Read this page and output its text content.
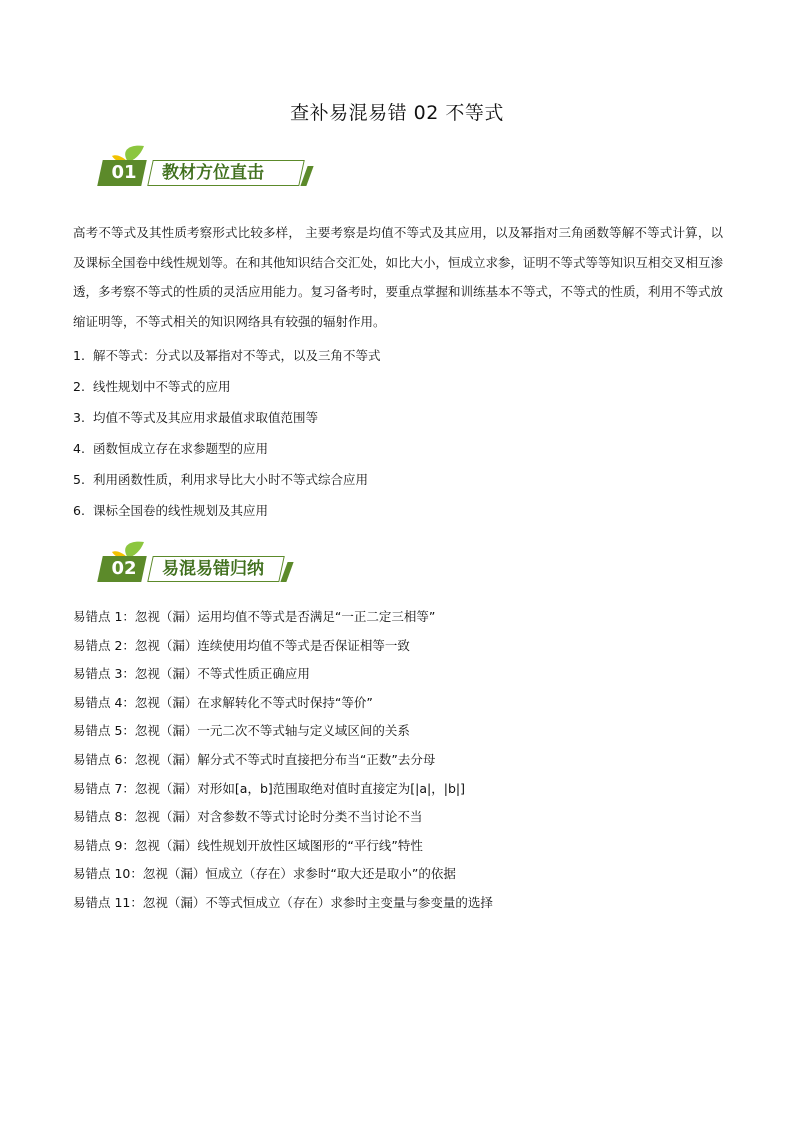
查补易混易错 02 不等式
01	教材方位直击
高考不等式及其性质考察形式比较多样， 主要考察是均值不等式及其应用，以及幂指对三角函数等解不等式计算，以及课标全国卷中线性规划等。在和其他知识结合交汇处，如比大小，恒成立求参，证明不等式等等知识互相交叉相互渗透，多考察不等式的性质的灵活应用能力。复习备考时，要重点掌握和训练基本不等式，不等式的性质，利用不等式放缩证明等，不等式相关的知识网络具有较强的辐射作用。
1. 解不等式：分式以及幂指对不等式，以及三角不等式
2. 线性规划中不等式的应用
3. 均值不等式及其应用求最值求取值范围等
4. 函数恒成立存在求参题型的应用
5. 利用函数性质，利用求导比大小时不等式综合应用
6. 课标全国卷的线性规划及其应用
02	易混易错归纳
易错点 1：忽视（漏）运用均值不等式是否满足“一正二定三相等”
易错点 2：忽视（漏）连续使用均值不等式是否保证相等一致
易错点 3：忽视（漏）不等式性质正确应用
易错点 4：忽视（漏）在求解转化不等式时保持“等价”
易错点 5：忽视（漏）一元二次不等式轴与定义域区间的关系
易错点 6：忽视（漏）解分式不等式时直接把分布当“正数”去分母
易错点 7：忽视（漏）对形如[a，b]范围取绝对值时直接定为[|a|，|b|]
易错点 8：忽视（漏）对含参数不等式讨论时分类不当讨论不当
易错点 9：忽视（漏）线性规划开放性区域图形的“平行线”特性
易错点 10：忽视（漏）恒成立（存在）求参时“取大还是取小”的依据
易错点 11：忽视（漏）不等式恒成立（存在）求参时主变量与参变量的选择
